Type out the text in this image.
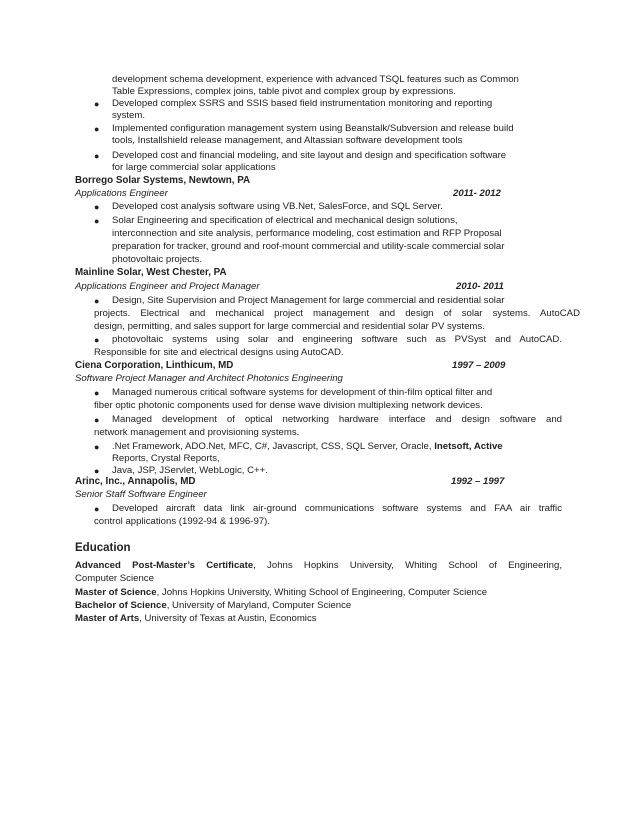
development schema development, experience with advanced TSQL features such as Common
Table Expressions, complex joins, table pivot and complex group by expressions.
● Developed complex SSRS and SSIS based field instrumentation monitoring and reporting
system.
● Implemented configuration management system using Beanstalk/Subversion and release build
tools, Installshield release management, and Altassian software development tools
● Developed cost and financial modeling, and site layout and design and specification software
for large commercial solar applications
Borrego Solar Systems, Newtown, PA
Applications Engineer	2011- 2012
● Developed cost analysis software using VB.Net, SalesForce, and SQL Server.
● Solar Engineering and specification of electrical and mechanical design solutions,
interconnection and site analysis, performance modeling, cost estimation and RFP Proposal
preparation for tracker, ground and roof-mount commercial and utility-scale commercial solar
photovoltaic projects.
Mainline Solar, West Chester, PA
Applications Engineer and Project Manager	2010- 2011
● Design, Site Supervision and Project Management for large commercial and residential solar
projects. Electrical and mechanical project management and design of solar systems. AutoCAD
design, permitting, and sales support for large commercial and residential solar PV systems.
● photovoltaic systems using solar and engineering software such as PVSyst and AutoCAD.
Responsible for site and electrical designs using AutoCAD.
Ciena Corporation, Linthicum, MD	1997 – 2009
Software Project Manager and Architect Photonics Engineering
● Managed numerous critical software systems for development of thin-film optical filter and
fiber optic photonic components used for dense wave division multiplexing network devices.
● Managed development of optical networking hardware interface and design software and
network management and provisioning systems.
● .Net Framework, ADO.Net, MFC, C#, Javascript, CSS, SQL Server, Oracle, Inetsoft, Active
Reports, Crystal Reports,
● Java, JSP, JServlet, WebLogic, C++.
Arinc, Inc., Annapolis, MD	1992 – 1997
Senior Staff Software Engineer
● Developed aircraft data link air-ground communications software systems and FAA air traffic
control applications (1992-94 & 1996-97).
Education
Advanced Post-Master’s Certificate, Johns Hopkins University, Whiting School of Engineering,
Computer Science
Master of Science, Johns Hopkins University, Whiting School of Engineering, Computer Science
Bachelor of Science, University of Maryland, Computer Science
Master of Arts, University of Texas at Austin, Economics
